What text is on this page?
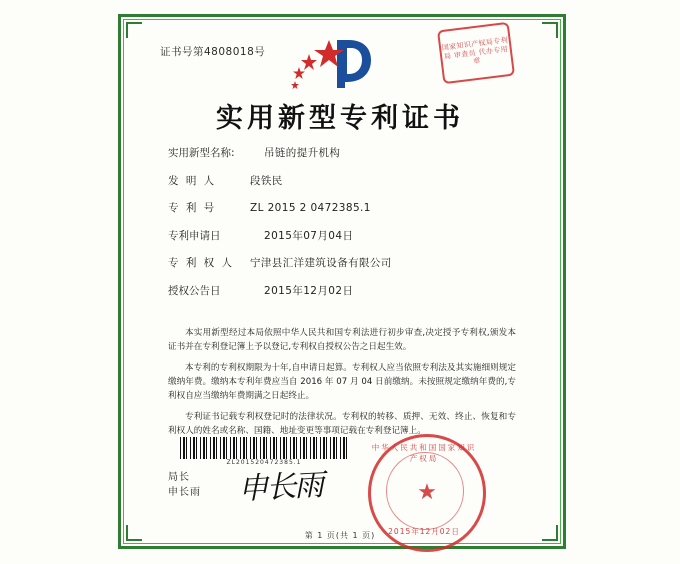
证书号第4808018号
国家知识产权局专利局 审查员 代办专用章
实用新型专利证书
实用新型名称:	吊链的提升机构
发 明 人	段铁民
专 利 号	ZL 2015 2 0472385.1
专利申请日	2015年07月04日
专 利 权 人	宁津县汇洋建筑设备有限公司
授权公告日	2015年12月02日

本实用新型经过本局依照中华人民共和国专利法进行初步审查,决定授予专利权,颁发本证书并在专利登记簿上予以登记,专利权自授权公告之日起生效。

本专利的专利权期限为十年,自申请日起算。专利权人应当依照专利法及其实施细则规定缴纳年费。缴纳本专利年费应当自 2016 年 07 月 04 日前缴纳。未按照规定缴纳年费的,专利权自应当缴纳年费期满之日起终止。

专利证书记载专利权登记时的法律状况。专利权的转移、质押、无效、终止、恢复和专利权人的姓名或名称、国籍、地址变更等事项记载在专利登记簿上。

ZL201520472385.1
局长
申长雨 申长雨	★
中华人民共和国国家知识产权局
2015年12月02日
第 1 页(共 1 页)
